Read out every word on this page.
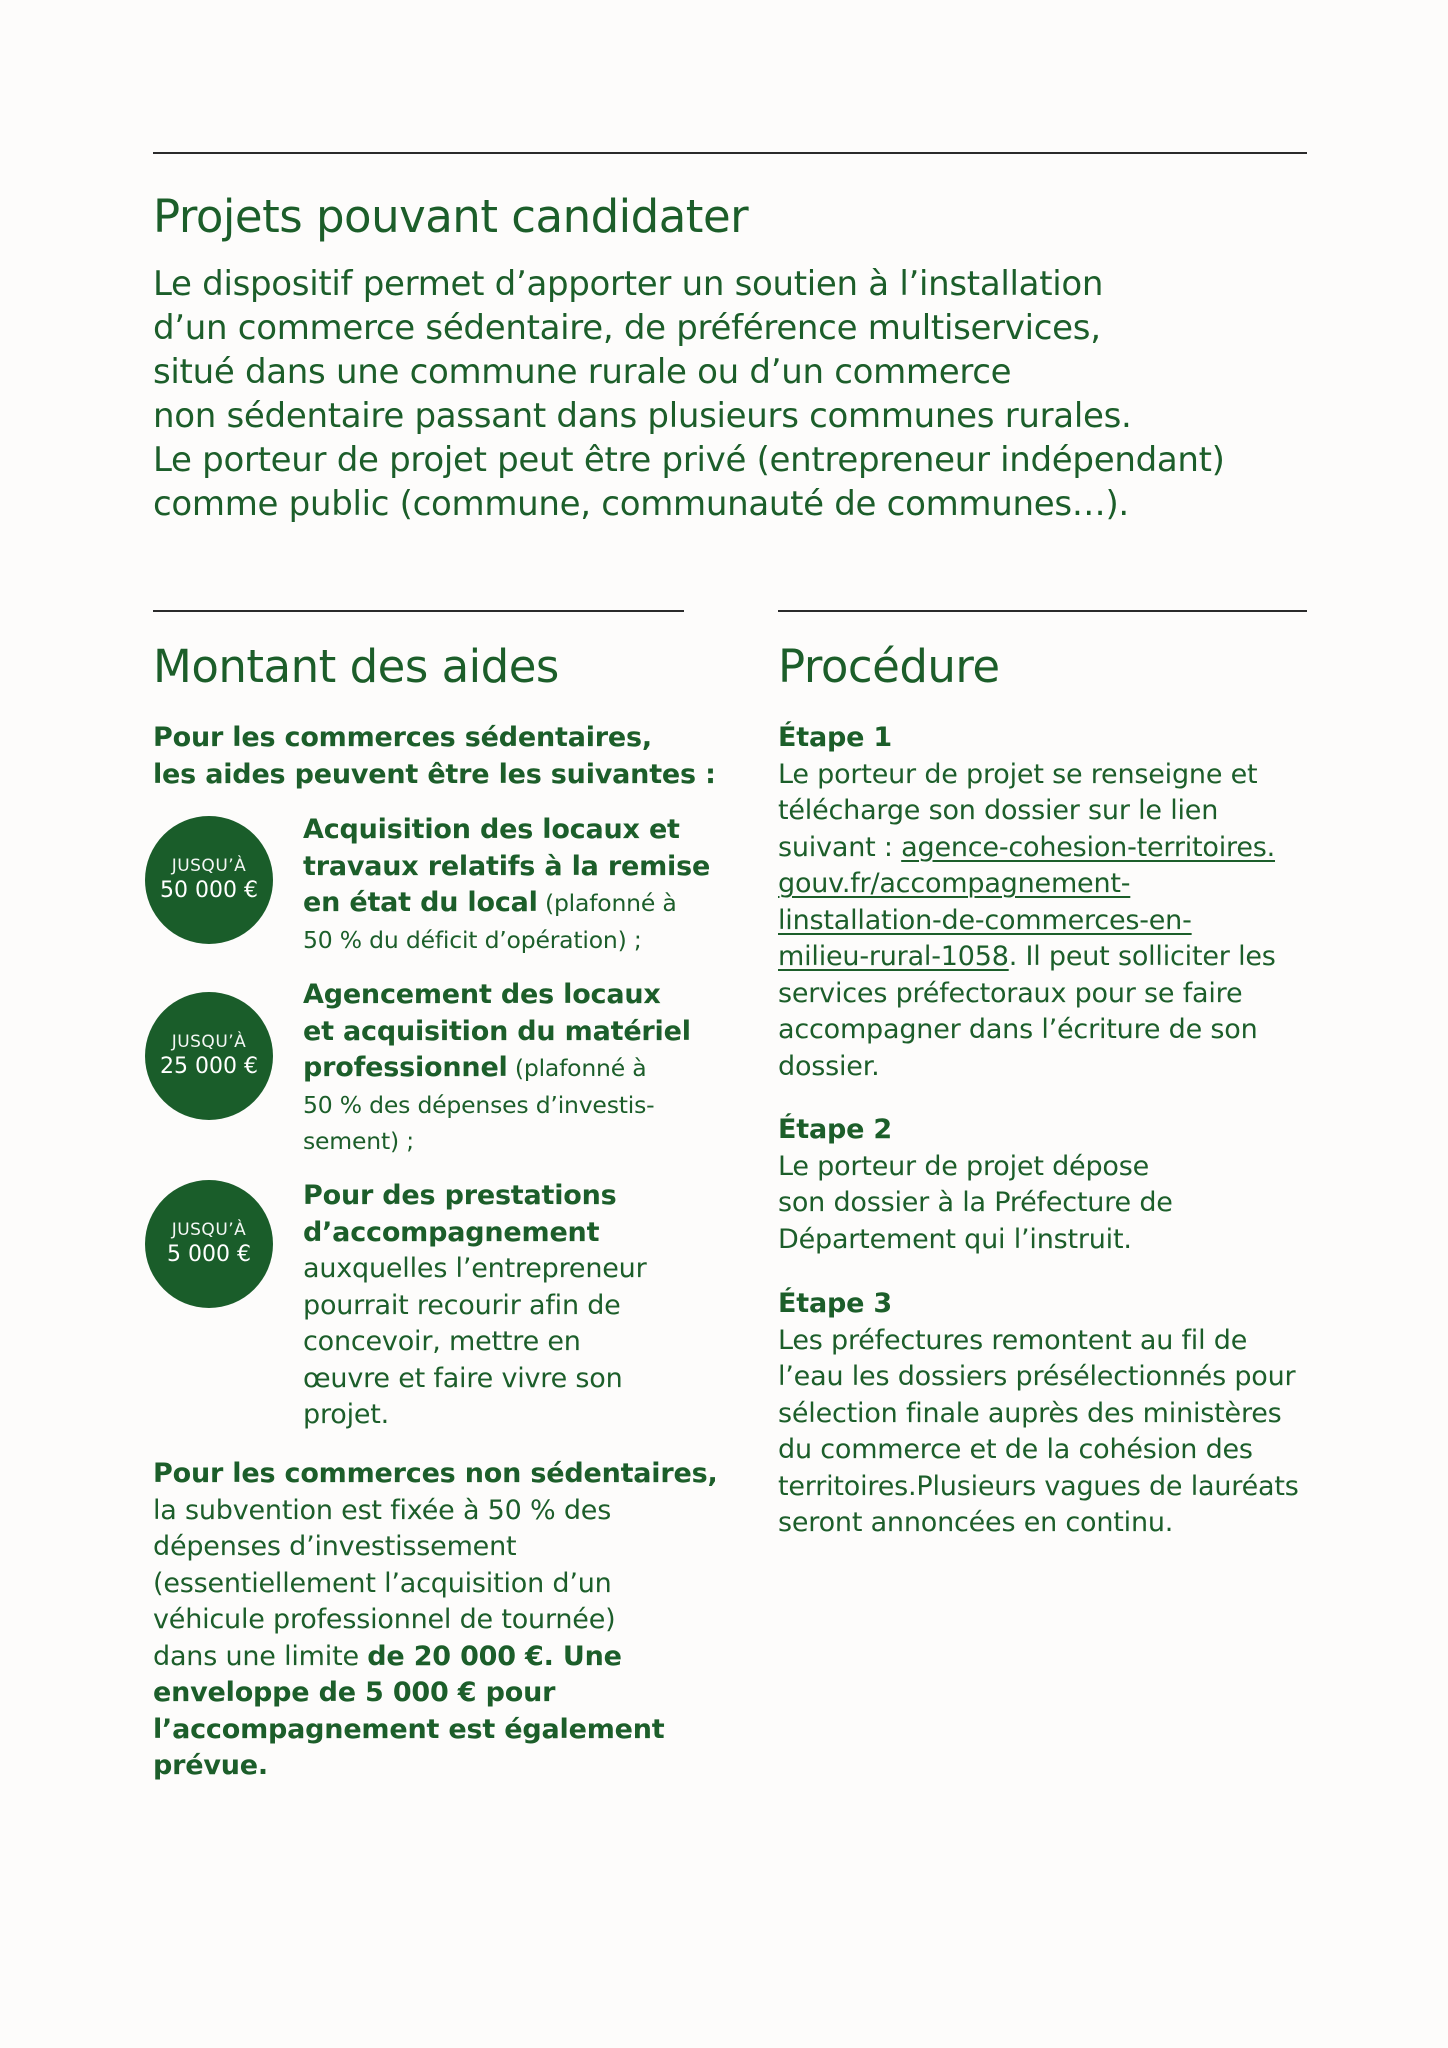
Projets pouvant candidater
Le dispositif permet d’apporter un soutien à l’installation
d’un commerce sédentaire, de préférence multiservices,
situé dans une commune rurale ou d’un commerce
non sédentaire passant dans plusieurs communes rurales.
Le porteur de projet peut être privé (entrepreneur indépendant)
comme public (commune, communauté de communes…).
Montant des aides
Pour les commerces sédentaires,
les aides peuvent être les suivantes :
JUSQU’À
50 000 €
Acquisition des locaux et
travaux relatifs à la remise
en état du local (plafonné à
50 % du déficit d’opération) ;
JUSQU’À
25 000 €
Agencement des locaux
et acquisition du matériel
professionnel (plafonné à
50 % des dépenses d’investis-
sement) ;
JUSQU’À
5 000 €
Pour des prestations
d’accompagnement
auxquelles l’entrepreneur
pourrait recourir afin de
concevoir, mettre en
œuvre et faire vivre son
projet.
Pour les commerces non sédentaires,
la subvention est fixée à 50 % des
dépenses d’investissement
(essentiellement l’acquisition d’un
véhicule professionnel de tournée)
dans une limite de 20 000 €. Une
enveloppe de 5 000 € pour
l’accompagnement est également
prévue.
Procédure
Étape 1
Le porteur de projet se renseigne et
télécharge son dossier sur le lien
suivant : agence-cohesion-territoires.
gouv.fr/accompagnement-
linstallation-de-commerces-en-
milieu-rural-1058. Il peut solliciter les
services préfectoraux pour se faire
accompagner dans l’écriture de son
dossier.
Étape 2
Le porteur de projet dépose
son dossier à la Préfecture de
Département qui l’instruit.
Étape 3
Les préfectures remontent au fil de
l’eau les dossiers présélectionnés pour
sélection finale auprès des ministères
du commerce et de la cohésion des
territoires.Plusieurs vagues de lauréats
seront annoncées en continu.
